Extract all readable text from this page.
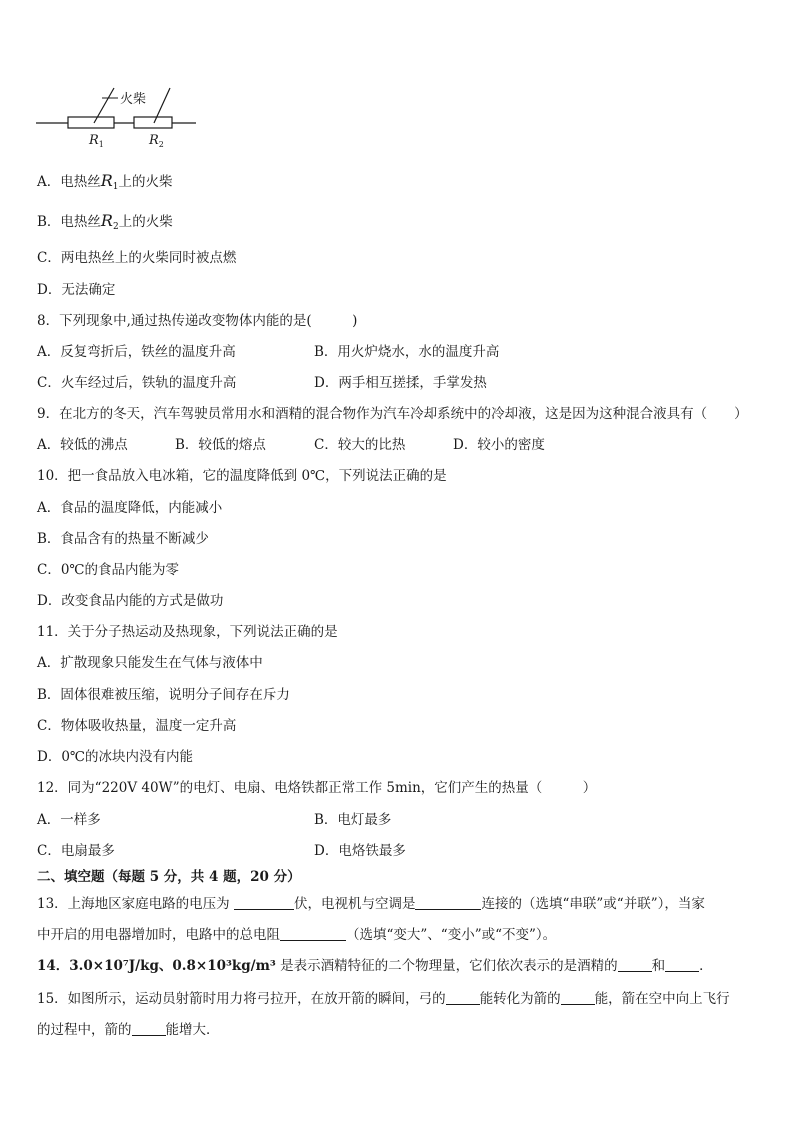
火柴
$R_1$	$R_2$
A．电热丝$R_1$上的火柴
B．电热丝$R_2$上的火柴
C．两电热丝上的火柴同时被点燃
D．无法确定
8．下列现象中,通过热传递改变物体内能的是(　　　)
A．反复弯折后，铁丝的温度升高	B．用火炉烧水，水的温度升高
C．火车经过后，铁轨的温度升高	D．两手相互搓揉，手掌发热
9．在北方的冬天，汽车驾驶员常用水和酒精的混合物作为汽车冷却系统中的冷却液，这是因为这种混合液具有（　　）
A．较低的沸点	B．较低的熔点	C．较大的比热	D．较小的密度
10．把一食品放入电冰箱，它的温度降低到 0℃，下列说法正确的是
A．食品的温度降低，内能减小
B．食品含有的热量不断减少
C．0℃的食品内能为零
D．改变食品内能的方式是做功
11．关于分子热运动及热现象，下列说法正确的是
A．扩散现象只能发生在气体与液体中
B．固体很难被压缩，说明分子间存在斥力
C．物体吸收热量，温度一定升高
D．0℃的冰块内没有内能
12．同为“220V 40W”的电灯、电扇、电烙铁都正常工作 5min，它们产生的热量（　　　）
A．一样多	B．电灯最多
C．电扇最多	D．电烙铁最多
二、填空题（每题 5 分，共 4 题，20 分）
13．上海地区家庭电路的电压为	伏，电视机与空调是	连接的（选填“串联”或“并联”），当家
中开启的用电器增加时，电路中的总电阻	（选填“变大”、“变小”或“不变”）。
14．3.0×10⁷J/kg、0.8×10³kg/m³ 是表示酒精特征的二个物理量，它们依次表示的是酒精的	和	．
15．如图所示，运动员射箭时用力将弓拉开，在放开箭的瞬间，弓的	能转化为箭的	能，箭在空中向上飞行
的过程中，箭的	能增大．
